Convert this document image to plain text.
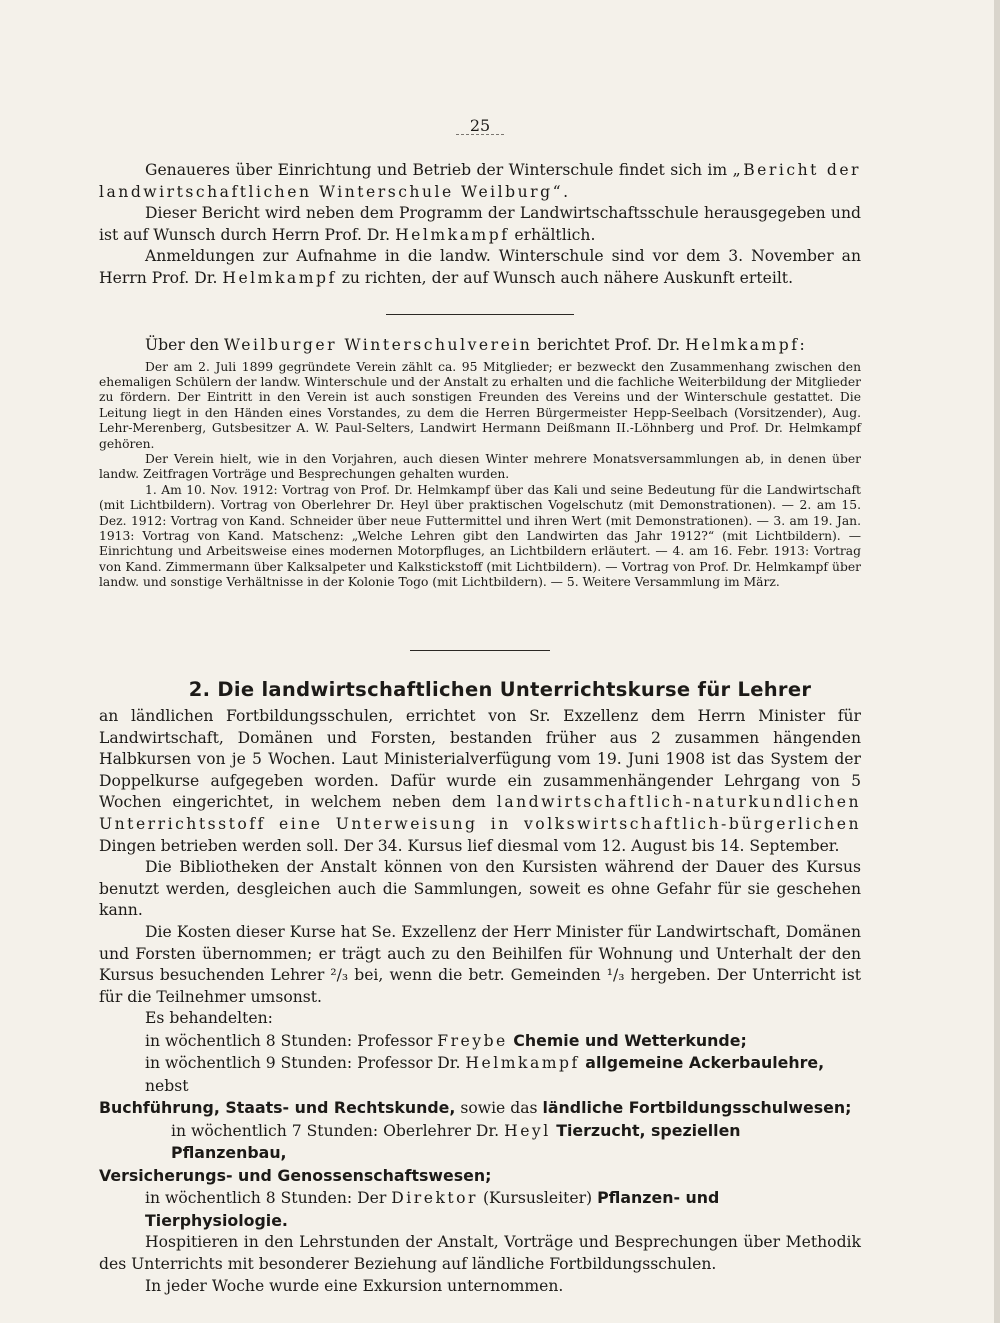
25

Genaueres über Einrichtung und Betrieb der Winterschule findet sich im „Bericht der landwirtschaftlichen Winterschule Weilburg“.

Dieser Bericht wird neben dem Programm der Landwirtschaftsschule herausgegeben und ist auf Wunsch durch Herrn Prof. Dr. Helmkampf erhältlich.

Anmeldungen zur Aufnahme in die landw. Winterschule sind vor dem 3. November an Herrn Prof. Dr. Helmkampf zu richten, der auf Wunsch auch nähere Auskunft erteilt.

Über den Weilburger Winterschulverein berichtet Prof. Dr. Helmkampf:

Der am 2. Juli 1899 gegründete Verein zählt ca. 95 Mitglieder; er bezweckt den Zusammenhang zwischen den ehemaligen Schülern der landw. Winterschule und der Anstalt zu erhalten und die fachliche Weiterbildung der Mitglieder zu fördern. Der Eintritt in den Verein ist auch sonstigen Freunden des Vereins und der Winterschule gestattet. Die Leitung liegt in den Händen eines Vorstandes, zu dem die Herren Bürgermeister Hepp-Seelbach (Vorsitzender), Aug. Lehr-Merenberg, Gutsbesitzer A. W. Paul-Selters, Landwirt Hermann Deißmann II.-Löhnberg und Prof. Dr. Helmkampf gehören.

Der Verein hielt, wie in den Vorjahren, auch diesen Winter mehrere Monatsversammlungen ab, in denen über landw. Zeitfragen Vorträge und Besprechungen gehalten wurden.

1. Am 10. Nov. 1912: Vortrag von Prof. Dr. Helmkampf über das Kali und seine Bedeutung für die Landwirtschaft (mit Lichtbildern). Vortrag von Oberlehrer Dr. Heyl über praktischen Vogelschutz (mit Demonstrationen). — 2. am 15. Dez. 1912: Vortrag von Kand. Schneider über neue Futtermittel und ihren Wert (mit Demonstrationen). — 3. am 19. Jan. 1913: Vortrag von Kand. Matschenz: „Welche Lehren gibt den Landwirten das Jahr 1912?“ (mit Lichtbildern). — Einrichtung und Arbeitsweise eines modernen Motorpfluges, an Lichtbildern erläutert. — 4. am 16. Febr. 1913: Vortrag von Kand. Zimmermann über Kalksalpeter und Kalkstickstoff (mit Lichtbildern). — Vortrag von Prof. Dr. Helmkampf über landw. und sonstige Verhältnisse in der Kolonie Togo (mit Lichtbildern). — 5. Weitere Versammlung im März.

2. Die landwirtschaftlichen Unterrichtskurse für Lehrer

an ländlichen Fortbildungsschulen, errichtet von Sr. Exzellenz dem Herrn Minister für Landwirtschaft, Domänen und Forsten, bestanden früher aus 2 zusammen hängenden Halbkursen von je 5 Wochen. Laut Ministerialverfügung vom 19. Juni 1908 ist das System der Doppelkurse aufgegeben worden. Dafür wurde ein zusammenhängender Lehrgang von 5 Wochen eingerichtet, in welchem neben dem landwirtschaftlich-naturkundlichen Unterrichtsstoff eine Unterweisung in volkswirtschaftlich-bürgerlichen Dingen betrieben werden soll. Der 34. Kursus lief diesmal vom 12. August bis 14. September.

Die Bibliotheken der Anstalt können von den Kursisten während der Dauer des Kursus benutzt werden, desgleichen auch die Sammlungen, soweit es ohne Gefahr für sie geschehen kann.

Die Kosten dieser Kurse hat Se. Exzellenz der Herr Minister für Landwirtschaft, Domänen und Forsten übernommen; er trägt auch zu den Beihilfen für Wohnung und Unterhalt der den Kursus besuchenden Lehrer ²/₃ bei, wenn die betr. Gemeinden ¹/₃ hergeben. Der Unterricht ist für die Teilnehmer umsonst.

Es behandelten:

in wöchentlich 8 Stunden: Professor Freybe Chemie und Wetterkunde;

in wöchentlich 9 Stunden: Professor Dr. Helmkampf allgemeine Ackerbaulehre, nebst

Buchführung, Staats- und Rechtskunde, sowie das ländliche Fortbildungsschulwesen;

in wöchentlich 7 Stunden: Oberlehrer Dr. Heyl Tierzucht, speziellen Pflanzenbau,

Versicherungs- und Genossenschaftswesen;

in wöchentlich 8 Stunden: Der Direktor (Kursusleiter) Pflanzen- und Tierphysiologie.

Hospitieren in den Lehrstunden der Anstalt, Vorträge und Besprechungen über Methodik des Unterrichts mit besonderer Beziehung auf ländliche Fortbildungsschulen.

In jeder Woche wurde eine Exkursion unternommen.
